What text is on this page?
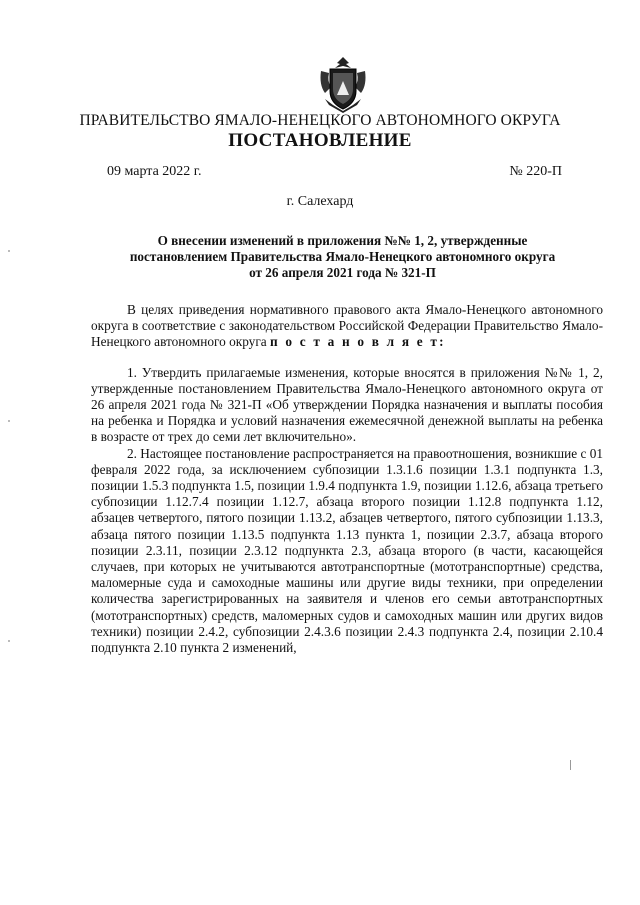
ПРАВИТЕЛЬСТВО ЯМАЛО-НЕНЕЦКОГО АВТОНОМНОГО ОКРУГА
ПОСТАНОВЛЕНИЕ
09 марта 2022 г.	№ 220-П
г. Салехард
О внесении изменений в приложения №№ 1, 2, утвержденные
постановлением Правительства Ямало-Ненецкого автономного округа
от 26 апреля 2021 года № 321-П

В целях приведения нормативного правового акта Ямало-Ненецкого автономного округа в соответствие с законодательством Российской Федерации Правительство Ямало-Ненецкого автономного округа п о с т а н о в л я е т:

1. Утвердить прилагаемые изменения, которые вносятся в приложения №№ 1, 2, утвержденные постановлением Правительства Ямало-Ненецкого автономного округа от 26 апреля 2021 года № 321-П «Об утверждении Порядка назначения и выплаты пособия на ребенка и Порядка и условий назначения ежемесячной денежной выплаты на ребенка в возрасте от трех до семи лет включительно».

2. Настоящее постановление распространяется на правоотношения, возникшие с 01 февраля 2022 года, за исключением субпозиции 1.3.1.6 позиции 1.3.1 подпункта 1.3, позиции 1.5.3 подпункта 1.5, позиции 1.9.4 подпункта 1.9, позиции 1.12.6, абзаца третьего субпозиции 1.12.7.4 позиции 1.12.7, абзаца второго позиции 1.12.8 подпункта 1.12, абзацев четвертого, пятого позиции 1.13.2, абзацев четвертого, пятого субпозиции 1.13.3, абзаца пятого позиции 1.13.5 подпункта 1.13 пункта 1, позиции 2.3.7, абзаца второго позиции 2.3.11, позиции 2.3.12 подпункта 2.3, абзаца второго (в части, касающейся случаев, при которых не учитываются автотранспортные (мототранспортные) средства, маломерные суда и самоходные машины или другие виды техники, при определении количества зарегистрированных на заявителя и членов его семьи автотранспортных (мототранспортных) средств, маломерных судов и самоходных машин или других видов техники) позиции 2.4.2, субпозиции 2.4.3.6 позиции 2.4.3 подпункта 2.4, позиции 2.10.4 подпункта 2.10 пункта 2 изменений,
